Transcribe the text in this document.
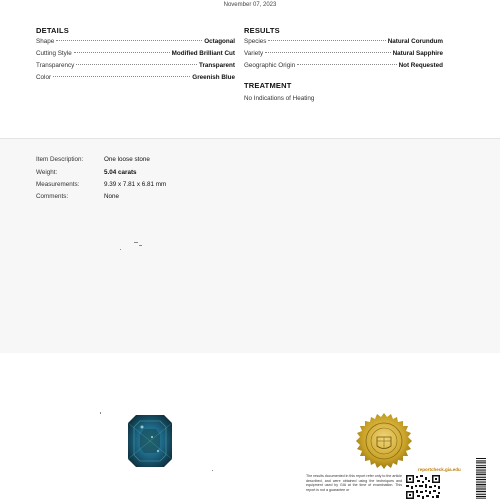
November 07, 2023
DETAILS
Shape	Octagonal
Cutting Style	Modified Brilliant Cut
Transparency	Transparent
Color	Greenish Blue
RESULTS
Species	Natural Corundum
Variety	Natural Sapphire
Geographic Origin	Not Requested
TREATMENT
No Indications of Heating
Item Description:	One loose stone
Weight:	5.04 carats
Measurements:	9.39 x 7.81 x 6.81 mm
Comments:	None
reportcheck.gia.edu
The results documented in this report refer only to the article described, and were obtained using the techniques and equipment used by GIA at the time of examination. This report is not a guarantee or
